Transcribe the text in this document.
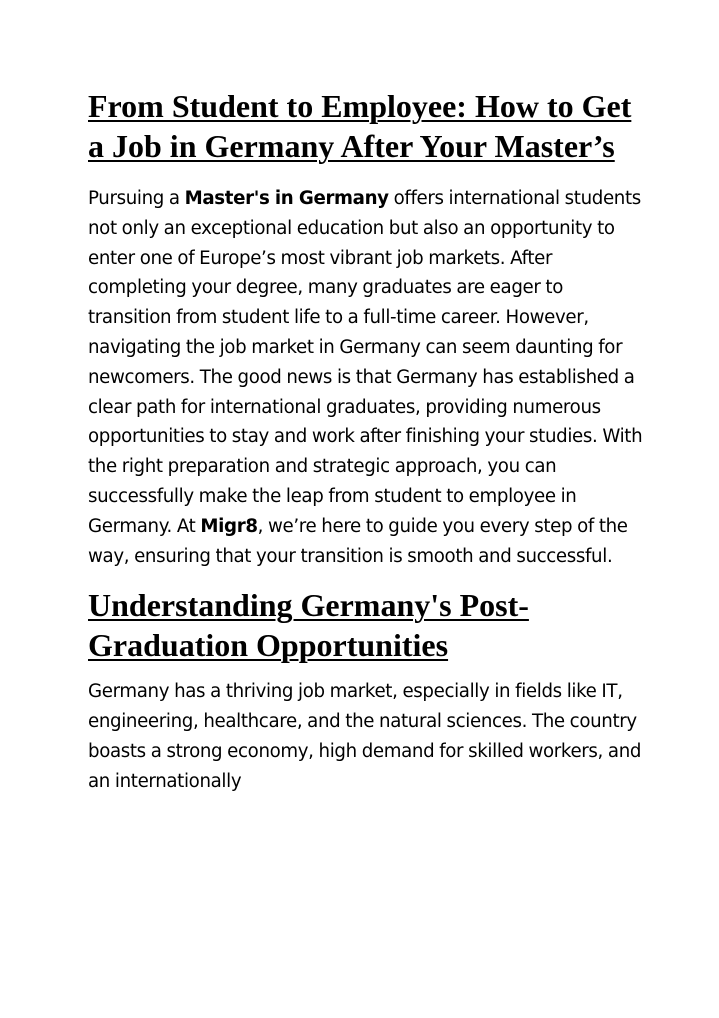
From Student to Employee: How to Get a Job in Germany After Your Master’s

Pursuing a Master's in Germany offers international students not only an exceptional education but also an opportunity to enter one of Europe’s most vibrant job markets. After completing your degree, many graduates are eager to transition from student life to a full-time career. However, navigating the job market in Germany can seem daunting for newcomers. The good news is that Germany has established a clear path for international graduates, providing numerous opportunities to stay and work after finishing your studies. With the right preparation and strategic approach, you can successfully make the leap from student to employee in Germany. At Migr8, we’re here to guide you every step of the way, ensuring that your transition is smooth and successful.

Understanding Germany's Post-Graduation Opportunities

Germany has a thriving job market, especially in fields like IT, engineering, healthcare, and the natural sciences. The country boasts a strong economy, high demand for skilled workers, and an internationally
